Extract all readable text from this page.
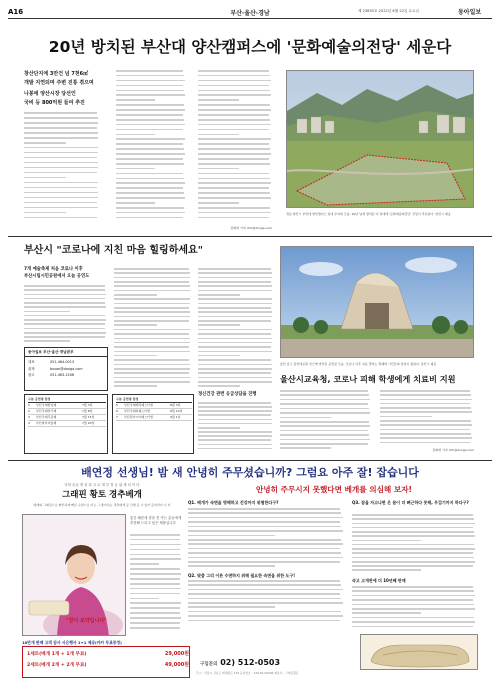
A16	부산·울산·경남	제 23855호 2022년 6월 22일 수요일	동아일보
20년 방치된 부산대 양산캠퍼스에 '문화예술의전당' 세운다
창산단지에 3만건 넘 7천6㎡
개발 지연되며 주변 진통 겪으며
나봉에 양산시장 당선인
국비 등 800억원 들여 추진
김화영 기자 chh@donga.com
경남 양산시 부산대 양산캠퍼스 일대 부지의 모습. 20년 넘게 방치된 이 일대에 '문화예술의전당' 건립이 추진된다. 양산시 제공
부산시 "코로나에 지친 마음 힐링하세요"
7개 예술축제 처음 코로나 이후
부산시립시민공원에서 오늘 공연도
동아일보 부산·울산·경남본부
대표	051-464-0013
취재	busan@donga.com
광고	051-463-1506
구분 공연명 일정
1 부산국제합창제	7월 3일
2 부산국제연극제	7월 8일
3 부산국제무용제	7월 15일
4 부산바다미술제	7월 20일
구분 공연명 일정
5 부산국제매직페스티벌	8월 3일
6 부산국제록페스티벌	8월 10일
7 부산원아시아페스티벌	9월 1일
울산 남구 울산대공원 인근에 마련된 공연장 모습. 코로나 이후 처음 열리는 축제에 시민들의 관심이 쏠린다. 울산시 제공
울산시교육청, 코로나 피해 학생에게 치료비 지원
정신건강 관련 응급상담을 진행
김화영 기자 chh@donga.com
배연정 선생님! 밤 새 안녕히 주무셨습니까? 그럼요 아주 잘! 잡습니다
다학 손님 개 상 외 고 로 개 부 정 등 위 세 더 이 다
그래핀 황토 경추베개
베개와 그래핀으로 빠른하게 빠른 숙면으로 더는 그 좋아하는 경추배개 등 단해 준 수 있어 준비한다 수 다
"잠이 보약입니다"
통증 때문에 잠을 못 자는 분들에게 추천해 드리고 싶은 제품입니다
안녕히 주무시지 못했다면 베개를 의심해 보자!
Q1. 베개가 숙면을 방해하고 건강까지 위협한다구?
Q2. 맞춤 그리 이른 수면하지 위해 필요한 숙면을 위한 도구!
Q3. 잠을 자고나면 온 몸이 더 뻐근하다 못해, 무겁기까지 하다구?
숙고 고개완에 더 10년째 판매
10만개 판매 고객 감사 사은행사 1+1 제공(카카 무료증정)
1세트(베개 1개 + 1개 무료)	29,000원
2세트(베개 2개 + 2개 무료)	49,000원 구입문의 02) 512-0503
주소 : 서울시 강남구 테헤란로 123 등록번호 : 120-81-00000 제조사 : 그래핀황토
